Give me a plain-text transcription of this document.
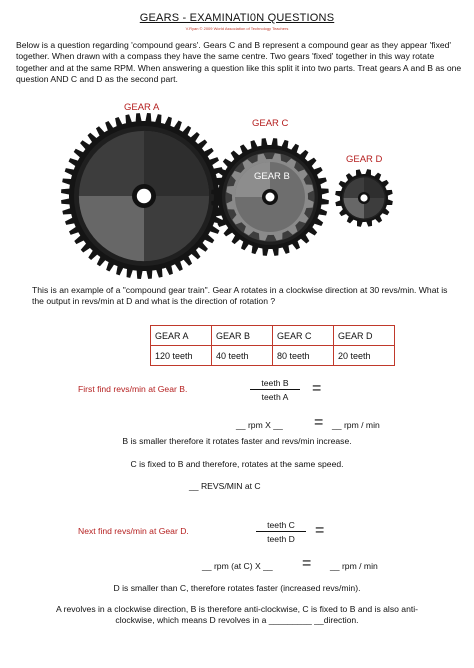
GEARS - EXAMINATI0N QUESTIONS
V.Ryan © 2009 World Association of Technology Teachers
Below is a question regarding 'compound gears'. Gears C and B represent a compound gear as they appear 'fixed' together. When drawn with a compass they have the same centre. Two gears 'fixed' together in this way rotate together and at the same RPM. When answering a question like this split it into two parts. Treat gears A and B as one question AND C and D as the second part.
GEAR A
GEAR C
GEAR D
GEAR B
This is an example of a "compound gear train". Gear A rotates in a clockwise direction at 30 revs/min. What is the output in revs/min at D and what is the direction of rotation ?
GEAR A	GEAR B	GEAR C	GEAR D
120 teeth	40 teeth	80 teeth	20 teeth
First find revs/min at Gear B.
teeth B
teeth A	=
__ rpm X __ = __ rpm / min
B is smaller therefore it rotates faster and revs/min increase.
C is fixed to B and therefore, rotates at the same speed.
__ REVS/MIN at C
Next find revs/min at Gear D.
teeth C
teeth D	=
__ rpm (at C) X __ = __ rpm / min
D is smaller than C, therefore rotates faster (increased revs/min).
A revolves in a clockwise direction, B is therefore anti-clockwise, C is fixed to B and is also anti-clockwise, which means D revolves in a _________ __direction.
